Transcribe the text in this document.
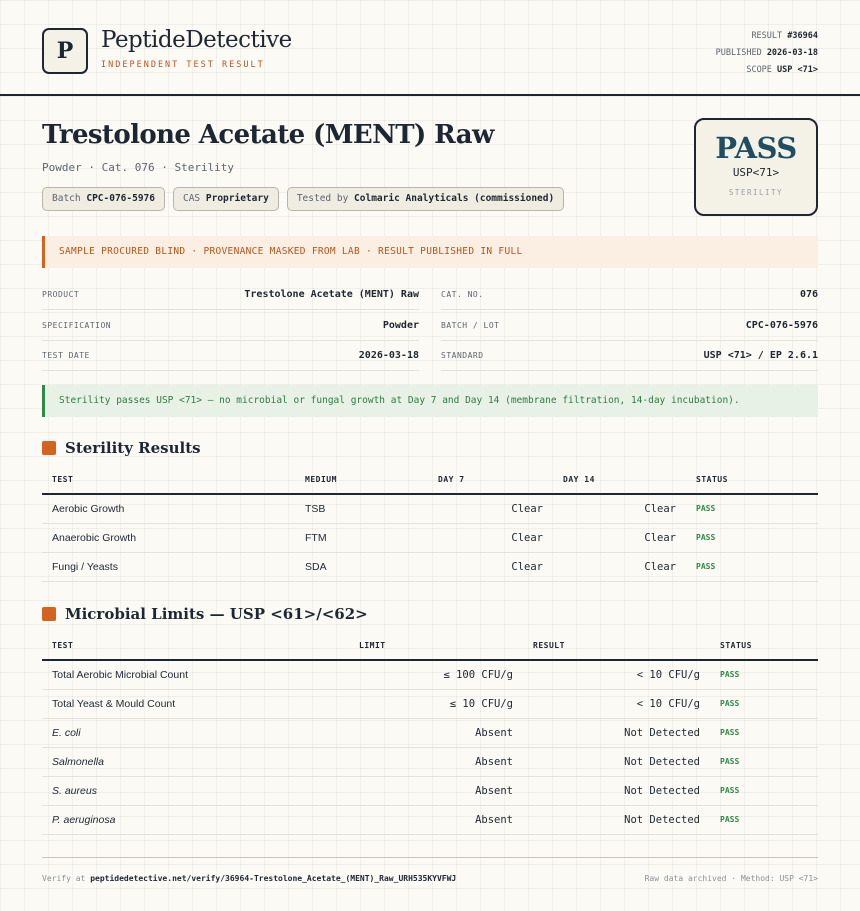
P	PeptideDetective
INDEPENDENT TEST RESULT
RESULT #36964
PUBLISHED 2026-03-18
SCOPE USP <71>
Trestolone Acetate (MENT) Raw
Powder · Cat. 076 · Sterility
Batch CPC-076-5976	CAS Proprietary	Tested by Colmaric Analyticals (commissioned)
PASS
USP<71>
STERILITY
SAMPLE PROCURED BLIND · PROVENANCE MASKED FROM LAB · RESULT PUBLISHED IN FULL
PRODUCT	Trestolone Acetate (MENT) Raw	CAT. NO.	076
SPECIFICATION	Powder	BATCH / LOT	CPC-076-5976
TEST DATE	2026-03-18	STANDARD	USP <71> / EP 2.6.1
Sterility passes USP <71> — no microbial or fungal growth at Day 7 and Day 14 (membrane filtration, 14-day incubation).
Sterility Results
TEST	MEDIUM	DAY 7	DAY 14	STATUS
Aerobic Growth	TSB	Clear	Clear	PASS
Anaerobic Growth	FTM	Clear	Clear	PASS
Fungi / Yeasts	SDA	Clear	Clear	PASS
Microbial Limits — USP <61>/<62>
TEST	LIMIT	RESULT	STATUS
Total Aerobic Microbial Count	≤ 100 CFU/g	< 10 CFU/g	PASS
Total Yeast & Mould Count	≤ 10 CFU/g	< 10 CFU/g	PASS
E. coli	Absent	Not Detected	PASS
Salmonella	Absent	Not Detected	PASS
S. aureus	Absent	Not Detected	PASS
P. aeruginosa	Absent	Not Detected	PASS
Verify at peptidedetective.net/verify/36964-Trestolone_Acetate_(MENT)_Raw_URH535KYVFWJ	Raw data archived · Method: USP <71>
